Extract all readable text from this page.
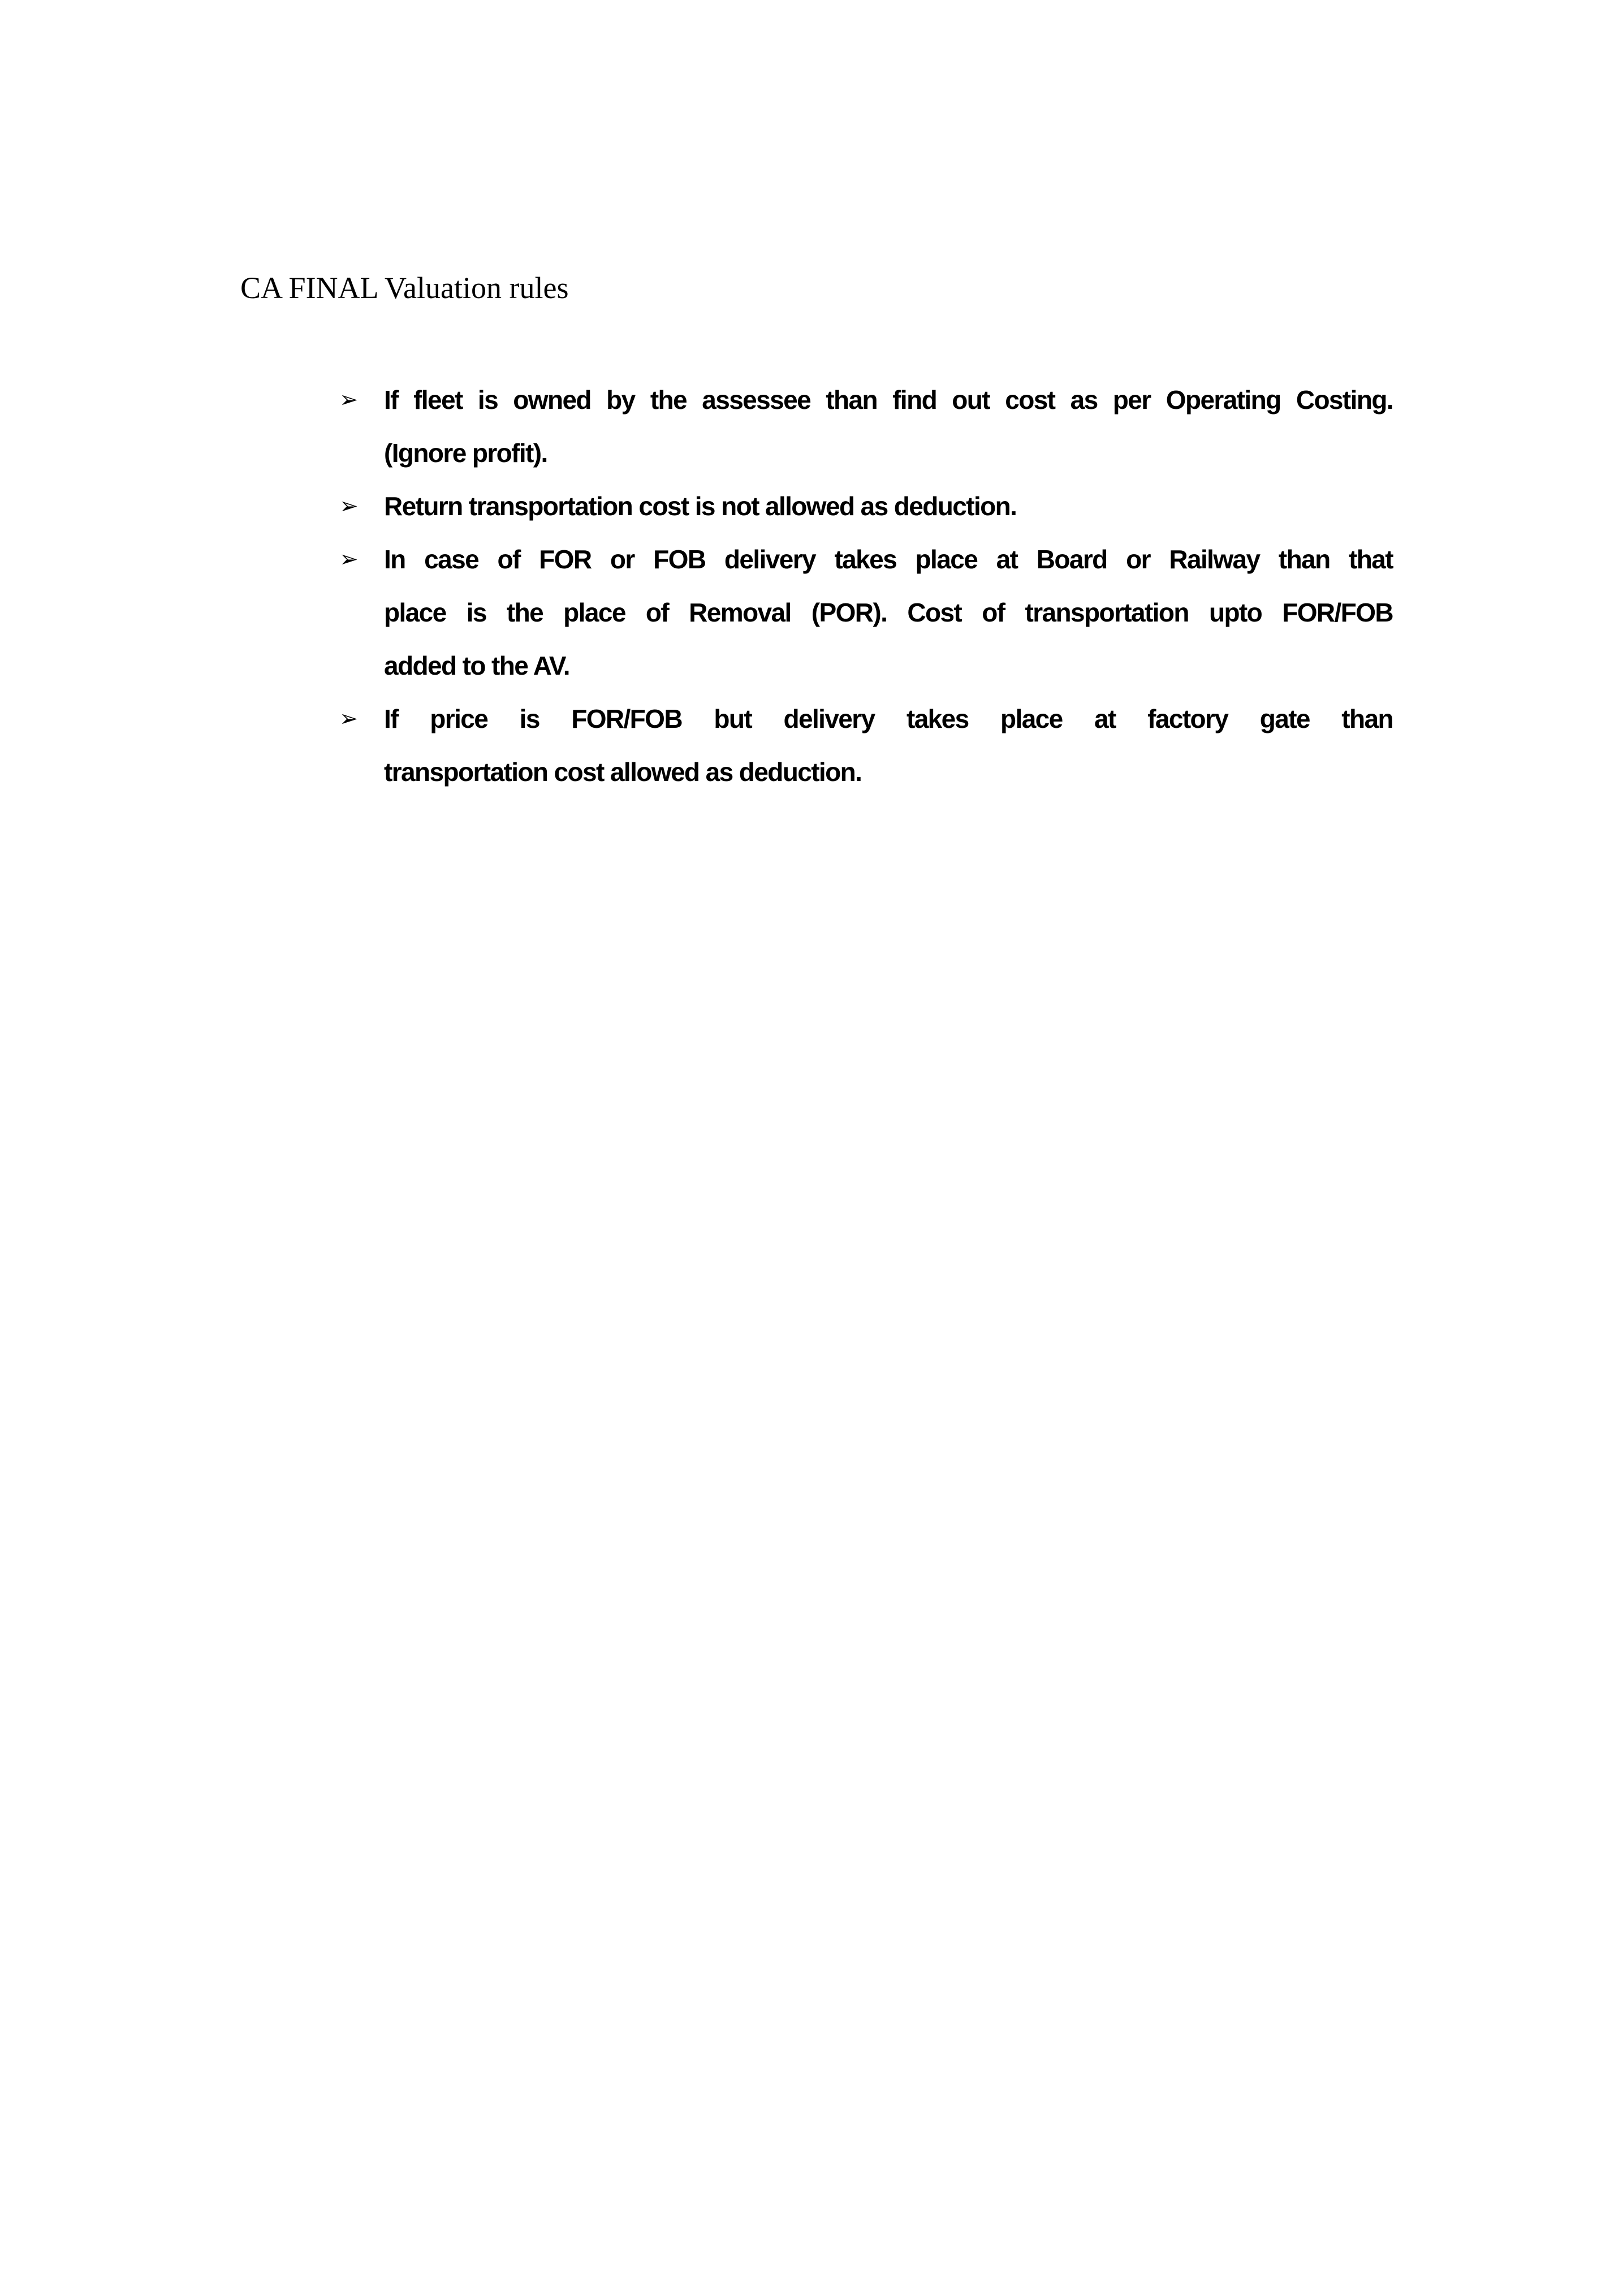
CA FINAL Valuation rules
➢ If fleet is owned by the assessee than find out cost as per Operating Costing.
(Ignore profit).
➢ Return transportation cost is not allowed as deduction.
➢ In case of FOR or FOB delivery takes place at Board or Railway than that
place is the place of Removal (POR). Cost of transportation upto FOR/FOB
added to the AV.
➢ If price is FOR/FOB but delivery takes place at factory gate than
transportation cost allowed as deduction.
